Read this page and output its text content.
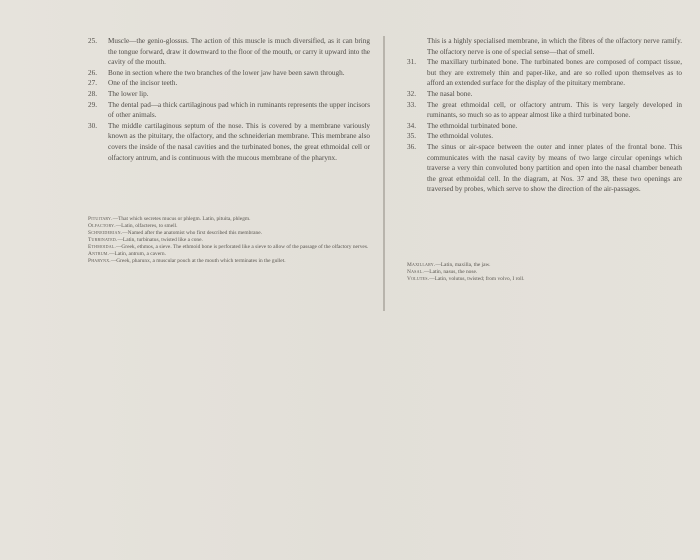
25.	Muscle—the genio-glossus. The action of this muscle is much diversified, as it can bring the tongue forward, draw it downward to the floor of the mouth, or carry it upward into the cavity of the mouth.
26.	Bone in section where the two branches of the lower jaw have been sawn through.
27.	One of the incisor teeth.
28.	The lower lip.
29.	The dental pad—a thick cartilaginous pad which in ruminants represents the upper incisors of other animals.
30.	The middle cartilaginous septum of the nose. This is covered by a membrane variously known as the pituitary, the olfactory, and the schneiderian membrane. This membrane also covers the inside of the nasal cavities and the turbinated bones, the great ethmoidal cell or olfactory antrum, and is continuous with the mucous membrane of the pharynx.

Pituitary.—That which secretes mucus or phlegm. Latin, pituita, phlegm.

Olfactory.—Latin, olfacteres, to smell.

Schneiderian.—Named after the anatomist who first described this membrane.

Turbinated.—Latin, turbinatus, twisted like a cone.

Ethmoidal.—Greek, ethmos, a sieve. The ethmoid bone is perforated like a sieve to allow of the passage of the olfactory nerves.

Antrum.—Latin, antrum, a cavern.

Pharynx.—Greek, pharunx, a muscular pouch at the mouth which terminates in the gullet.

This is a highly specialised membrane, in which the fibres of the olfactory nerve ramify. The olfactory nerve is one of special sense—that of smell.
31.	The maxillary turbinated bone. The turbinated bones are composed of compact tissue, but they are extremely thin and paper-like, and are so rolled upon themselves as to afford an extended surface for the display of the pituitary membrane.
32.	The nasal bone.
33.	The great ethmoidal cell, or olfactory antrum. This is very largely developed in ruminants, so much so as to appear almost like a third turbinated bone.
34.	The ethmoidal turbinated bone.
35.	The ethmoidal volutes.
36.	The sinus or air-space between the outer and inner plates of the frontal bone. This communicates with the nasal cavity by means of two large circular openings which traverse a very thin convoluted bony partition and open into the nasal chamber beneath the great ethmoidal cell. In the diagram, at Nos. 37 and 38, these two openings are traversed by probes, which serve to show the direction of the air-passages.

Maxillary.—Latin, maxilla, the jaw.

Nasal.—Latin, nasus, the nose.

Volutes.—Latin, volutus, twisted; from volvo, I roll.
